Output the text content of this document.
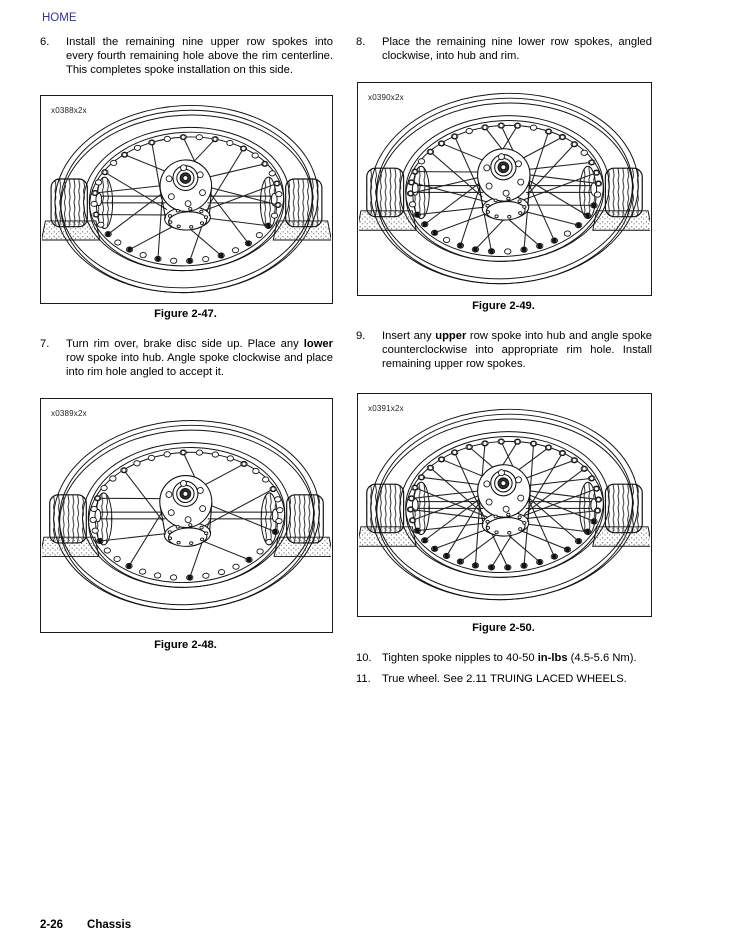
HOME
6.	Install the remaining nine upper row spokes into every fourth remaining hole above the rim centerline. This completes spoke installation on this side.
x0388x2x
Figure 2-47.
7.	Turn rim over, brake disc side up. Place any lower row spoke into hub. Angle spoke clockwise and place into rim hole angled to accept it.
x0389x2x
Figure 2-48.
8.	Place the remaining nine lower row spokes, angled clockwise, into hub and rim.
x0390x2x
Figure 2-49.
9.	Insert any upper row spoke into hub and angle spoke counterclockwise into appropriate rim hole. Install remaining upper row spokes.
x0391x2x
Figure 2-50.
10. Tighten spoke nipples to 40-50 in-lbs (4.5-5.6 Nm).
11.	True wheel. See 2.11 TRUING LACED WHEELS.
2-26 Chassis
